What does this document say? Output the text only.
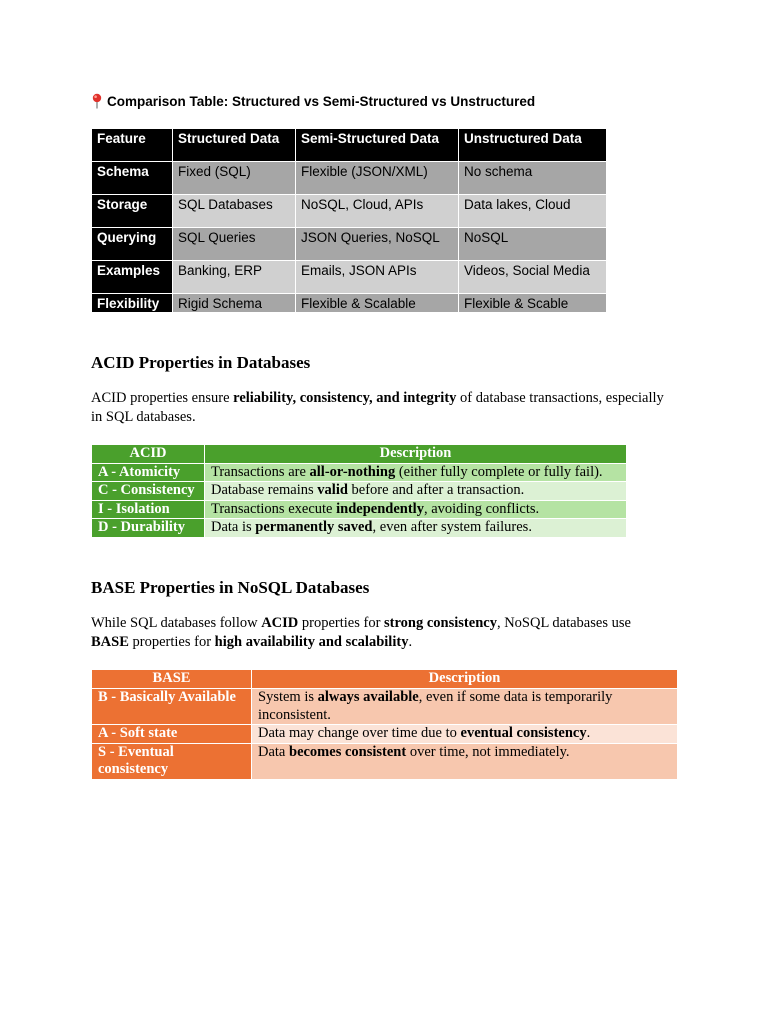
Comparison Table: Structured vs Semi-Structured vs Unstructured
Feature	Structured Data	Semi-Structured Data	Unstructured Data
Schema	Fixed (SQL)	Flexible (JSON/XML)	No schema
Storage	SQL Databases	NoSQL, Cloud, APIs	Data lakes, Cloud
Querying	SQL Queries	JSON Queries, NoSQL	NoSQL
Examples	Banking, ERP	Emails, JSON APIs	Videos, Social Media
Flexibility	Rigid Schema	Flexible & Scalable	Flexible & Scable
ACID Properties in Databases
ACID properties ensure reliability, consistency, and integrity of database transactions, especially in SQL databases.
ACID	Description
A - Atomicity	Transactions are all-or-nothing (either fully complete or fully fail).
C - Consistency	Database remains valid before and after a transaction.
I - Isolation	Transactions execute independently, avoiding conflicts.
D - Durability	Data is permanently saved, even after system failures.
BASE Properties in NoSQL Databases
While SQL databases follow ACID properties for strong consistency, NoSQL databases use BASE properties for high availability and scalability.
BASE	Description
B - Basically Available	System is always available, even if some data is temporarily inconsistent.
A - Soft state	Data may change over time due to eventual consistency.
S - Eventual consistency	Data becomes consistent over time, not immediately.
